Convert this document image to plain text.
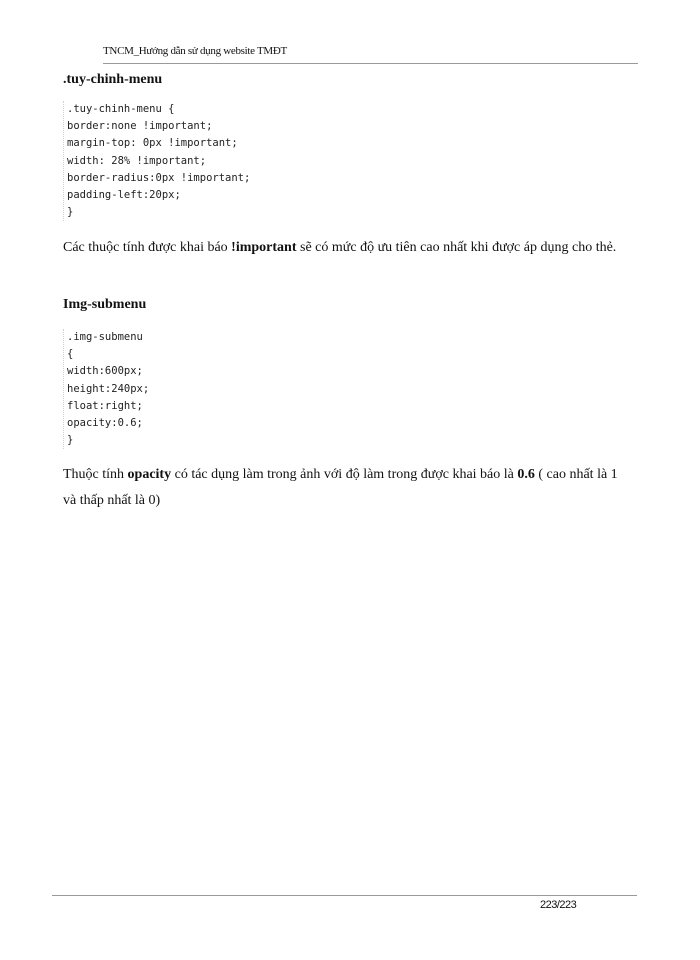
TNCM_Hướng dẫn sử dụng website TMĐT
.tuy-chinh-menu
.tuy-chinh-menu {
border:none !important;
margin-top: 0px !important;
width: 28% !important;
border-radius:0px !important;
padding-left:20px;
}
Các thuộc tính được khai báo !important sẽ có mức độ ưu tiên cao nhất khi được áp dụng cho thẻ.
Img-submenu
.img-submenu
{
width:600px;
height:240px;
float:right;
opacity:0.6;
}
Thuộc tính opacity có tác dụng làm trong ảnh với độ làm trong được khai báo là 0.6 ( cao nhất là 1 và thấp nhất là 0)
223/223
